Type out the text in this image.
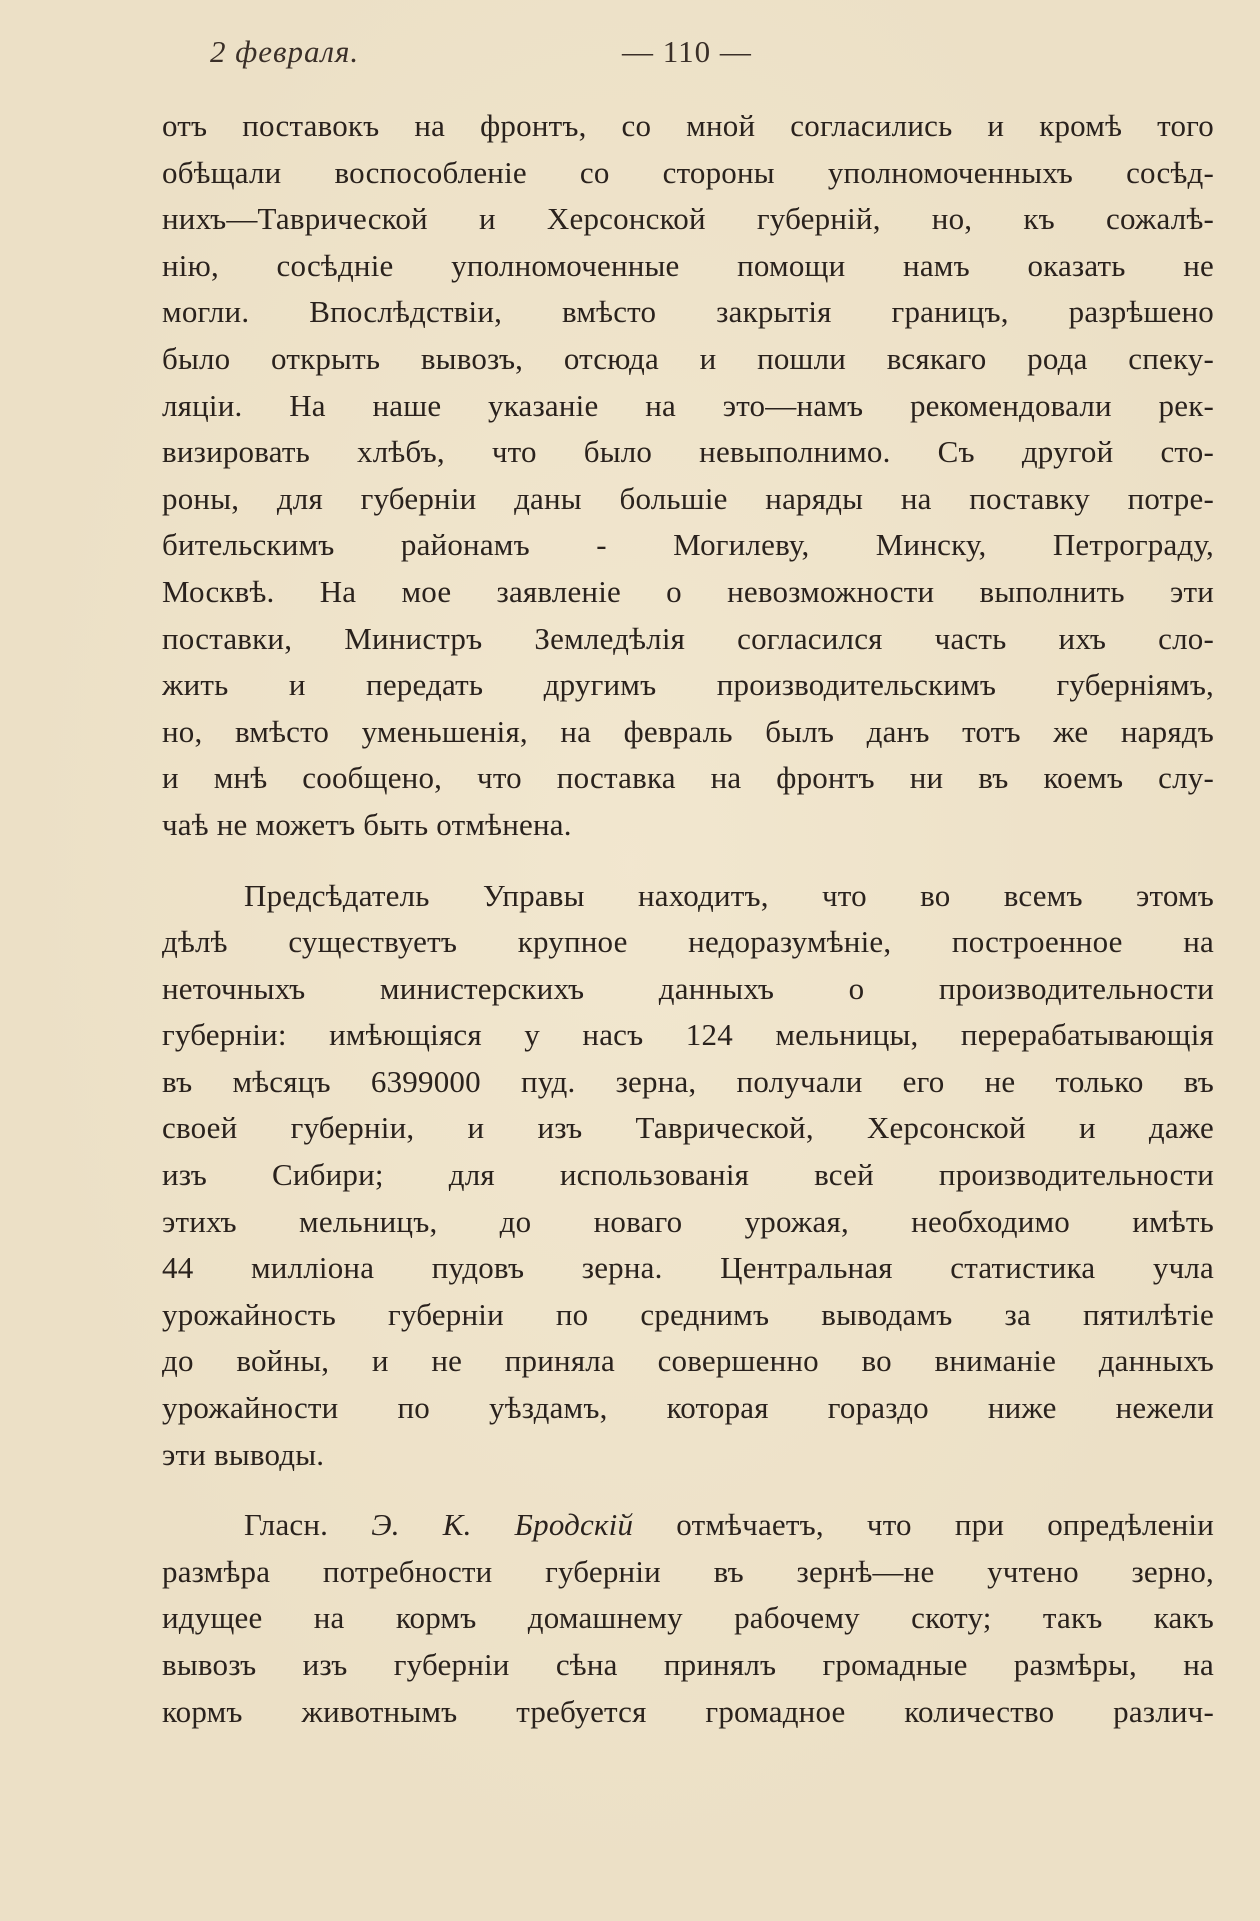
2 февраля.	— 110 —
отъ поставокъ на фронтъ, со мной согласились и кромѣ того
обѣщали воспособленіе со стороны уполномоченныхъ сосѣд-
нихъ—Таврической и Херсонской губерній, но, къ сожалѣ-
нію, сосѣдніе уполномоченные помощи намъ оказать не
могли. Впослѣдствіи, вмѣсто закрытія границъ, разрѣшено
было открыть вывозъ, отсюда и пошли всякаго рода спеку-
ляціи. На наше указаніе на это—намъ рекомендовали рек-
визировать хлѣбъ, что было невыполнимо. Съ другой сто-
роны, для губерніи даны большіе наряды на поставку потре-
бительскимъ районамъ - Могилеву, Минску, Петрограду,
Москвѣ. На мое заявленіе о невозможности выполнить эти
поставки, Министръ Земледѣлія согласился часть ихъ сло-
жить и передать другимъ производительскимъ губерніямъ,
но, вмѣсто уменьшенія, на февраль былъ данъ тотъ же нарядъ
и мнѣ сообщено, что поставка на фронтъ ни въ коемъ слу-
чаѣ не можетъ быть отмѣнена.
Предсѣдатель Управы находитъ, что во всемъ этомъ
дѣлѣ существуетъ крупное недоразумѣніе, построенное на
неточныхъ министерскихъ данныхъ о производительности
губерніи: имѣющіяся у насъ 124 мельницы, перерабатывающія
въ мѣсяцъ 6399000 пуд. зерна, получали его не только въ
своей губерніи, и изъ Таврической, Херсонской и даже
изъ Сибири; для использованія всей производительности
этихъ мельницъ, до новаго урожая, необходимо имѣть
44 милліона пудовъ зерна. Центральная статистика учла
урожайность губерніи по среднимъ выводамъ за пятилѣтіе
до войны, и не приняла совершенно во вниманіе данныхъ
урожайности по уѣздамъ, которая гораздо ниже нежели
эти выводы.
Гласн. Э. К. Бродскій отмѣчаетъ, что при опредѣленіи
размѣра потребности губерніи въ зернѣ—не учтено зерно,
идущее на кормъ домашнему рабочему скоту; такъ какъ
вывозъ изъ губерніи сѣна принялъ громадные размѣры, на
кормъ животнымъ требуется громадное количество различ-
